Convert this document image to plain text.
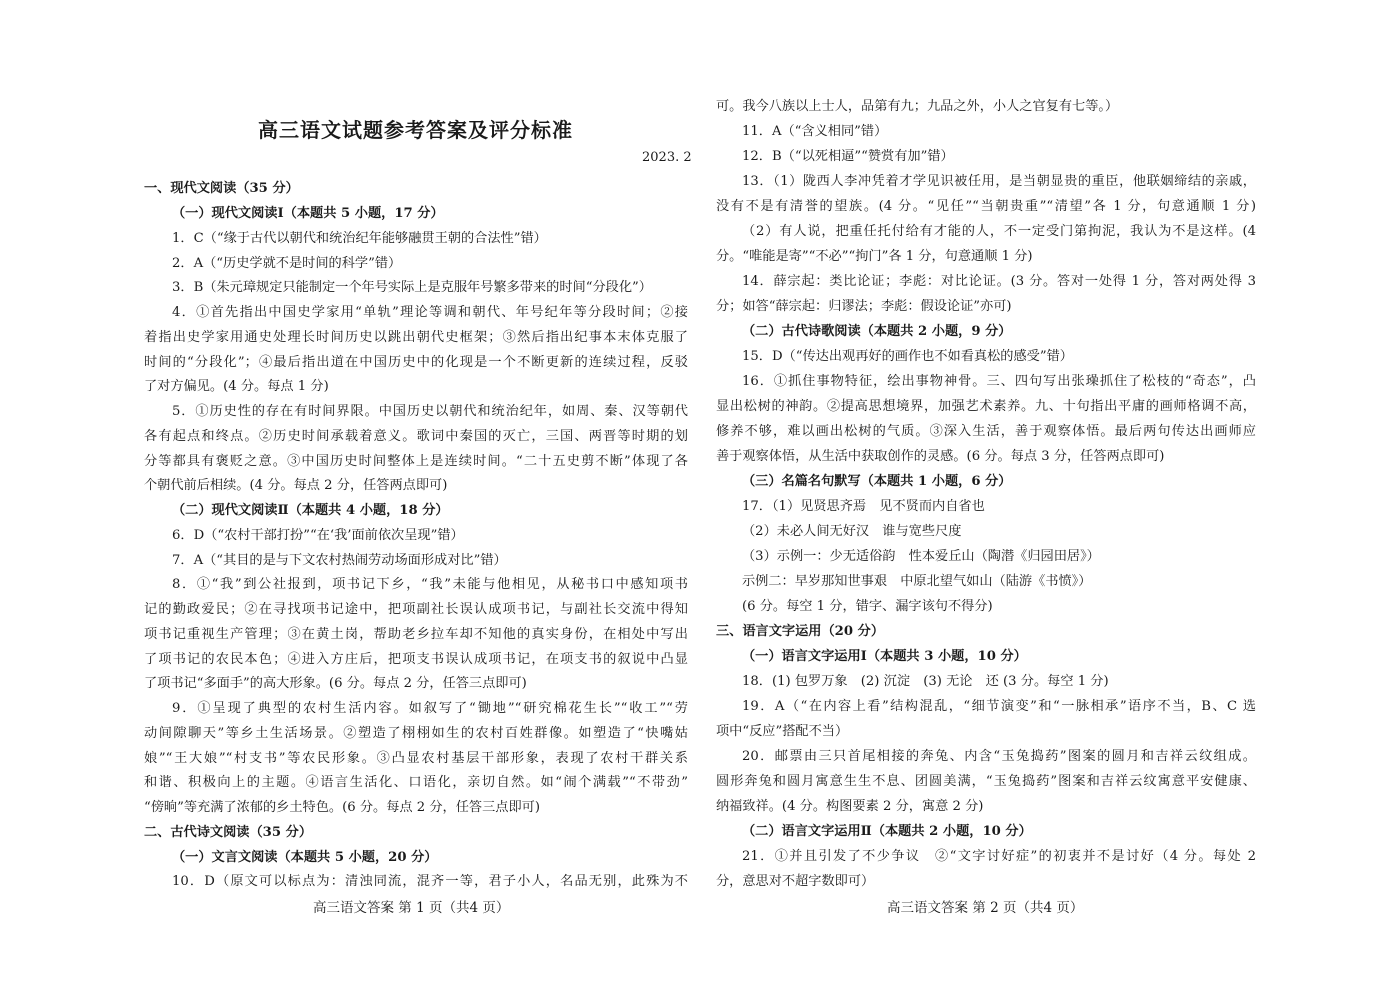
高三语文试题参考答案及评分标准
2023. 2
一、现代文阅读（35 分）
（一）现代文阅读Ⅰ（本题共 5 小题，17 分）
1．C（“缘于古代以朝代和统治纪年能够融贯王朝的合法性”错）
2．A（“历史学就不是时间的科学”错）
3．B（朱元璋规定只能制定一个年号实际上是克服年号繁多带来的时间“分段化”）
4．①首先指出中国史学家用“单轨”理论等调和朝代、年号纪年等分段时间；②接
着指出史学家用通史处理长时间历史以跳出朝代史框架；③然后指出纪事本末体克服了
时间的“分段化”；④最后指出道在中国历史中的化现是一个不断更新的连续过程，反驳
了对方偏见。(4 分。每点 1 分)
5．①历史性的存在有时间界限。中国历史以朝代和统治纪年，如周、秦、汉等朝代
各有起点和终点。②历史时间承载着意义。歌词中秦国的灭亡，三国、两晋等时期的划
分等都具有褒贬之意。③中国历史时间整体上是连续时间。“二十五史剪不断”体现了各
个朝代前后相续。(4 分。每点 2 分，任答两点即可)
（二）现代文阅读Ⅱ（本题共 4 小题，18 分）
6．D（“农村干部打扮”“在‘我’面前依次呈现”错）
7．A（“其目的是与下文农村热闹劳动场面形成对比”错）
8．①“我”到公社报到，项书记下乡，“我”未能与他相见，从秘书口中感知项书
记的勤政爱民；②在寻找项书记途中，把项副社长误认成项书记，与副社长交流中得知
项书记重视生产管理；③在黄土岗，帮助老乡拉车却不知他的真实身份，在相处中写出
了项书记的农民本色；④进入方庄后，把项支书误认成项书记，在项支书的叙说中凸显
了项书记“多面手”的高大形象。(6 分。每点 2 分，任答三点即可)
9．①呈现了典型的农村生活内容。如叙写了“锄地”“研究棉花生长”“收工”“劳
动间隙聊天”等乡土生活场景。②塑造了栩栩如生的农村百姓群像。如塑造了“快嘴姑
娘”“王大娘”“村支书”等农民形象。③凸显农村基层干部形象，表现了农村干群关系
和谐、积极向上的主题。④语言生活化、口语化，亲切自然。如“闹个满载”“不带劲”
“傍晌”等充满了浓郁的乡土特色。(6 分。每点 2 分，任答三点即可)
二、古代诗文阅读（35 分）
（一）文言文阅读（本题共 5 小题，20 分）
10．D（原文可以标点为：清浊同流，混齐一等，君子小人，名品无别，此殊为不
可。我今八族以上士人，品第有九；九品之外，小人之官复有七等。）
11．A（“含义相同”错）
12．B（“以死相逼”“赞赏有加”错）
13．（1）陇西人李冲凭着才学见识被任用，是当朝显贵的重臣，他联姻缔结的亲戚，
没有不是有清誉的望族。(4 分。“见任”“当朝贵重”“清望”各 1 分，句意通顺 1 分)
（2）有人说，把重任托付给有才能的人，不一定受门第拘泥，我认为不是这样。(4
分。“唯能是寄”“不必”“拘门”各 1 分，句意通顺 1 分)
14．薛宗起：类比论证；李彪：对比论证。(3 分。答对一处得 1 分，答对两处得 3
分；如答“薛宗起：归谬法；李彪：假设论证”亦可)
（二）古代诗歌阅读（本题共 2 小题，9 分）
15．D（“传达出观再好的画作也不如看真松的感受”错）
16．①抓住事物特征，绘出事物神骨。三、四句写出张璪抓住了松枝的“奇态”，凸
显出松树的神韵。②提高思想境界，加强艺术素养。九、十句指出平庸的画师格调不高，
修养不够，难以画出松树的气质。③深入生活，善于观察体悟。最后两句传达出画师应
善于观察体悟，从生活中获取创作的灵感。(6 分。每点 3 分，任答两点即可)
（三）名篇名句默写（本题共 1 小题，6 分）
17．（1）见贤思齐焉　见不贤而内自省也
（2）未必人间无好汉　谁与宽些尺度
（3）示例一：少无适俗韵　性本爱丘山（陶潜《归园田居》）
示例二：早岁那知世事艰　中原北望气如山（陆游《书愤》）
(6 分。每空 1 分，错字、漏字该句不得分)
三、语言文字运用（20 分）
（一）语言文字运用Ⅰ（本题共 3 小题，10 分）
18．(1) 包罗万象　(2) 沉淀　(3) 无论　还 (3 分。每空 1 分)
19．A（“在内容上看”结构混乱，“细节演变”和“一脉相承”语序不当，B、C 选
项中“反应”搭配不当）
20．邮票由三只首尾相接的奔兔、内含“玉兔捣药”图案的圆月和吉祥云纹组成。
圆形奔兔和圆月寓意生生不息、团圆美满，“玉兔捣药”图案和吉祥云纹寓意平安健康、
纳福致祥。(4 分。构图要素 2 分，寓意 2 分)
（二）语言文字运用Ⅱ（本题共 2 小题，10 分）
21．①并且引发了不少争议　②“文字讨好症”的初衷并不是讨好（4 分。每处 2
分，意思对不超字数即可）
高三语文答案 第 1 页（共4 页）	高三语文答案 第 2 页（共4 页）
